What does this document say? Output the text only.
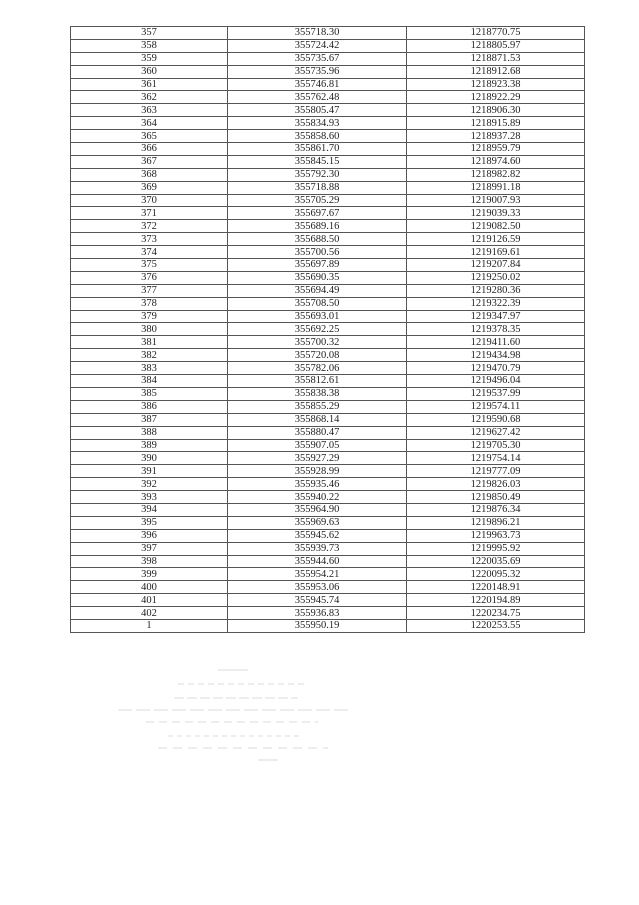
357	355718.30	1218770.75
358	355724.42	1218805.97
359	355735.67	1218871.53
360	355735.96	1218912.68
361	355746.81	1218923.38
362	355762.48	1218922.29
363	355805.47	1218906.30
364	355834.93	1218915.89
365	355858.60	1218937.28
366	355861.70	1218959.79
367	355845.15	1218974.60
368	355792.30	1218982.82
369	355718.88	1218991.18
370	355705.29	1219007.93
371	355697.67	1219039.33
372	355689.16	1219082.50
373	355688.50	1219126.59
374	355700.56	1219169.61
375	355697.89	1219207.84
376	355690.35	1219250.02
377	355694.49	1219280.36
378	355708.50	1219322.39
379	355693.01	1219347.97
380	355692.25	1219378.35
381	355700.32	1219411.60
382	355720.08	1219434.98
383	355782.06	1219470.79
384	355812.61	1219496.04
385	355838.38	1219537.99
386	355855.29	1219574.11
387	355868.14	1219590.68
388	355880.47	1219627.42
389	355907.05	1219705.30
390	355927.29	1219754.14
391	355928.99	1219777.09
392	355935.46	1219826.03
393	355940.22	1219850.49
394	355964.90	1219876.34
395	355969.63	1219896.21
396	355945.62	1219963.73
397	355939.73	1219995.92
398	355944.60	1220035.69
399	355954.21	1220095.32
400	355953.06	1220148.91
401	355945.74	1220194.89
402	355936.83	1220234.75
1	355950.19	1220253.55
